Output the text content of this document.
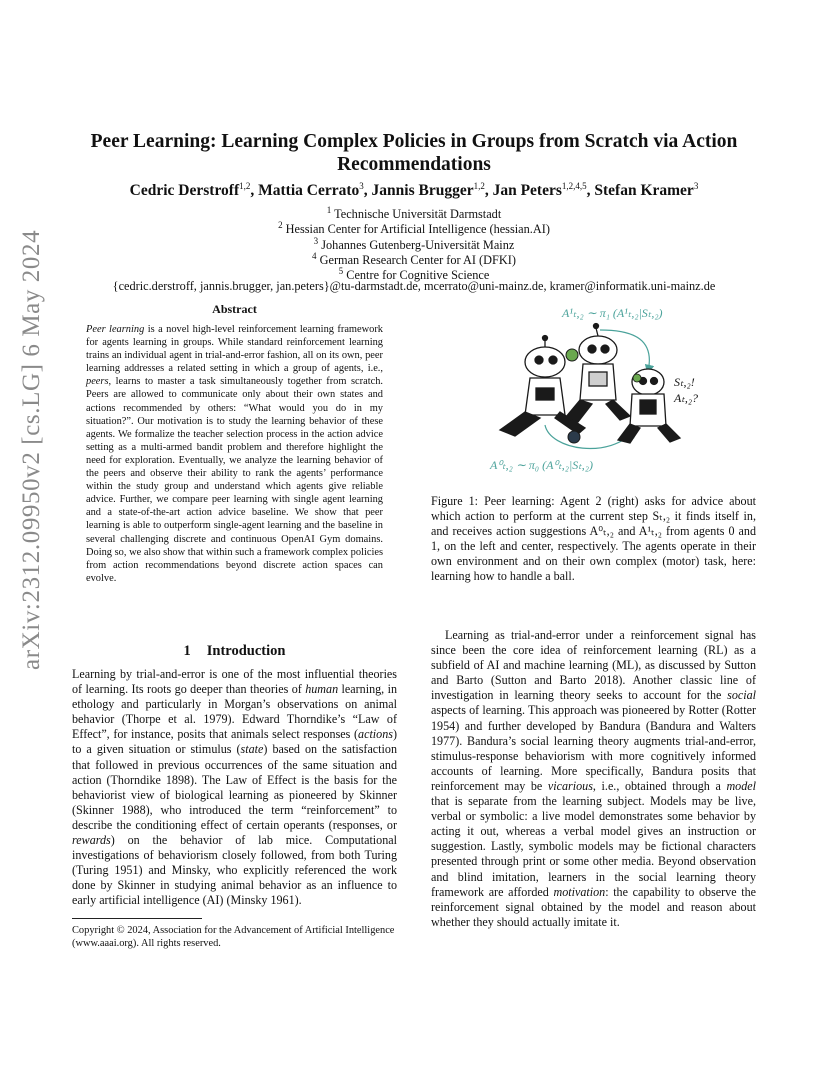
arXiv:2312.09950v2 [cs.LG] 6 May 2024
Peer Learning: Learning Complex Policies in Groups from Scratch via Action Recommendations
Cedric Derstroff$^{1,2}$, Mattia Cerrato$^3$, Jannis Brugger$^{1,2}$, Jan Peters$^{1,2,4,5}$, Stefan Kramer$^3$
$^1$ Technische Universität Darmstadt
$^2$ Hessian Center for Artificial Intelligence (hessian.AI)
$^3$ Johannes Gutenberg-Universität Mainz
$^4$ German Research Center for AI (DFKI)
$^5$ Centre for Cognitive Science
{cedric.derstroff, jannis.brugger, jan.peters}@tu-darmstadt.de, mcerrato@uni-mainz.de, kramer@informatik.uni-mainz.de
Abstract
Peer learning is a novel high-level reinforcement learning framework for agents learning in groups. While standard reinforcement learning trains an individual agent in trial-and-error fashion, all on its own, peer learning addresses a related setting in which a group of agents, i.e., peers, learns to master a task simultaneously together from scratch. Peers are allowed to communicate only about their own states and actions recommended by others: “What would you do in my situation?”. Our motivation is to study the learning behavior of these agents. We formalize the teacher selection process in the action advice setting as a multi-armed bandit problem and therefore highlight the need for exploration. Eventually, we analyze the learning behavior of the peers and observe their ability to rank the agents’ performance within the study group and understand which agents give reliable advice. Further, we compare peer learning with single agent learning and a state-of-the-art action advice baseline. We show that peer learning is able to outperform single-agent learning and the baseline in several challenging discrete and continuous OpenAI Gym domains. Doing so, we also show that within such a framework complex policies from action recommendations beyond discrete action spaces can evolve.
A¹ₜ,₂ ∼ π₁ (A¹ₜ,₂|Sₜ,₂)
A⁰ₜ,₂ ∼ π₀ (A⁰ₜ,₂|Sₜ,₂)
Sₜ,₂!
Aₜ,₂?
Figure 1: Peer learning: Agent 2 (right) asks for advice about which action to perform at the current step Sₜ,₂ it finds itself in, and receives action suggestions A⁰ₜ,₂ and A¹ₜ,₂ from agents 0 and 1, on the left and center, respectively. The agents operate in their own environment and on their own complex (motor) task, here: learning how to handle a ball.
1 Introduction
Learning by trial-and-error is one of the most influential theories of learning. Its roots go deeper than theories of human learning, in ethology and particularly in Morgan’s observations on animal behavior (Thorpe et al. 1979). Edward Thorndike’s “Law of Effect”, for instance, posits that animals select responses (actions) to a given situation or stimulus (state) based on the satisfaction that followed in previous occurrences of the same situation and action (Thorndike 1898). The Law of Effect is the basis for the behaviorist view of biological learning as pioneered by Skinner (Skinner 1988), who introduced the term “reinforcement” to describe the conditioning effect of certain operants (responses, or rewards) on the behavior of lab mice. Computational investigations of behaviorism closely followed, from both Turing (Turing 1951) and Minsky, who explicitly referenced the work done by Skinner in studying animal behavior as an influence to early artificial intelligence (AI) (Minsky 1961).
Copyright © 2024, Association for the Advancement of Artificial Intelligence (www.aaai.org). All rights reserved.
Learning as trial-and-error under a reinforcement signal has since been the core idea of reinforcement learning (RL) as a subfield of AI and machine learning (ML), as discussed by Sutton and Barto (Sutton and Barto 2018). Another classic line of investigation in learning theory seeks to account for the social aspects of learning. This approach was pioneered by Rotter (Rotter 1954) and further developed by Bandura (Bandura and Walters 1977). Bandura’s social learning theory augments trial-and-error, stimulus-response behaviorism with more cognitively informed accounts of learning. More specifically, Bandura posits that reinforcement may be vicarious, i.e., obtained through a model that is separate from the learning subject. Models may be live, verbal or symbolic: a live model demonstrates some behavior by acting it out, whereas a verbal model gives an instruction or suggestion. Lastly, symbolic models may be fictional characters presented through print or some other media. Beyond observation and blind imitation, learners in the social learning theory framework are afforded motivation: the capability to observe the reinforcement signal obtained by the model and reason about whether they should actually imitate it.
